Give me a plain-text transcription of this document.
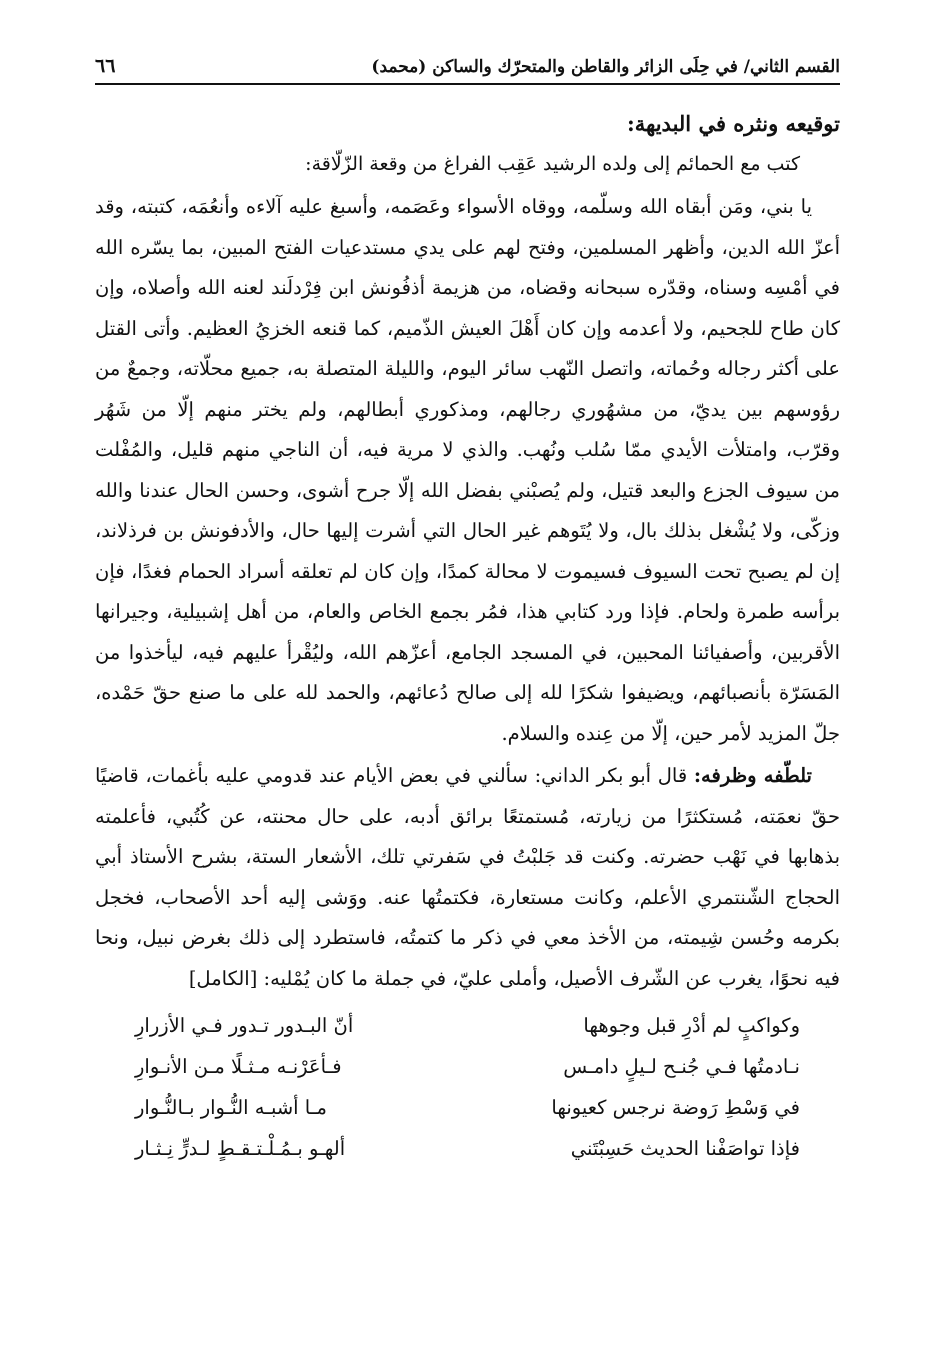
القسم الثاني/ في حِلَى الزائر والقاطن والمتحرّك والساكن (محمد)
٦٦
توقيعه ونثره في البديهة:
كتب مع الحمائم إلى ولده الرشيد عَقِب الفراغ من وقعة الزّلّاقة:

يا بني، ومَن أبقاه الله وسلّمه، ووقاه الأسواء وعَصَمه، وأسبغ عليه آلاءه وأنعُمَه، كتبته، وقد أعزّ الله الدين، وأظهر المسلمين، وفتح لهم على يدي مستدعيات الفتح المبين، بما يسّره الله في أمْسِه وسناه، وقدّره سبحانه وقضاه، من هزيمة أذفُونش ابن فِرْدلَند لعنه الله وأصلاه، وإن كان طاح للجحيم، ولا أعدمه وإن كان أَهْلَ العيش الذّميم، كما قنعه الخزيُ العظيم. وأتى القتل على أكثر رجاله وحُماته، واتصل النّهب سائر اليوم، والليلة المتصلة به، جميع محلّاته، وجمعٌ من رؤوسهم بين يديّ، من مشهُوري رجالهم، ومذكوري أبطالهم، ولم يختر منهم إلّا من شَهُر وقرّب، وامتلأت الأيدي ممّا سُلب ونُهب. والذي لا مرية فيه، أن الناجي منهم قليل، والمُفْلت من سيوف الجزع والبعد قتيل، ولم يُصبْني بفضل الله إلّا جرح أشوى، وحسن الحال عندنا والله وزكّى، ولا يُشْغل بذلك بال، ولا يُتَوهم غير الحال التي أشرت إليها حال، والأدفونش بن فرذلاند، إن لم يصبح تحت السيوف فسيموت لا محالة كمدًا، وإن كان لم تعلقه أسراد الحمام فغدًا، فإن برأسه طمرة ولحام. فإذا ورد كتابي هذا، فمُر بجمع الخاص والعام، من أهل إشبيلية، وجيرانها الأقربين، وأصفيائنا المحبين، في المسجد الجامع، أعزّهم الله، وليُقْرأ عليهم فيه، ليأخذوا من المَسَرّة بأنصبائهم، ويضيفوا شكرًا لله إلى صالح دُعائهم، والحمد لله على ما صنع حقّ حَمْده، جلّ المزيد لأمر حين، إلّا من عِنده والسلام.

تلطّفه وظرفه: قال أبو بكر الداني: سألني في بعض الأيام عند قدومي عليه بأغمات، قاضيًا حقّ نعمَته، مُستكثرًا من زيارته، مُستمتعًا برائق أدبه، على حال محنته، عن كُتُبي، فأعلمته بذهابها في نَهْب حضرته. وكنت قد جَلبْتُ في سَفرتي تلك، الأشعار الستة، بشرح الأستاذ أبي الحجاج الشّنتمري الأعلم، وكانت مستعارة، فكتمتُها عنه. ووَشى إليه أحد الأصحاب، فخجل بكرمه وحُسن شِيمته، من الأخذ معي في ذكر ما كتمتُه، فاستطرد إلى ذلك بغرض نبيل، ونحا فيه نحوًا، يغرب عن الشّرف الأصيل، وأملى عليّ، في جملة ما كان يُمْليه: [الكامل]

وكواكبٍ لم أدْرِ قبل وجوهها
أنّ البـدور تـدور فـي الأزرارِ
نـادمتُها فـي جُنـح لـيلٍ دامـس
فـأعَرْنـه مـثـلًا مـن الأنـوارِ
في وَسْطِ رَوضة نرجس كعيونها
مـا أشبـه النُّـوار بـالنُّـوار
فإذا تواصَفْنا الحديث حَسِبْتَني
ألهـو بـمُـلْـتـقـطٍ لـدرٍّ نِـثـار
